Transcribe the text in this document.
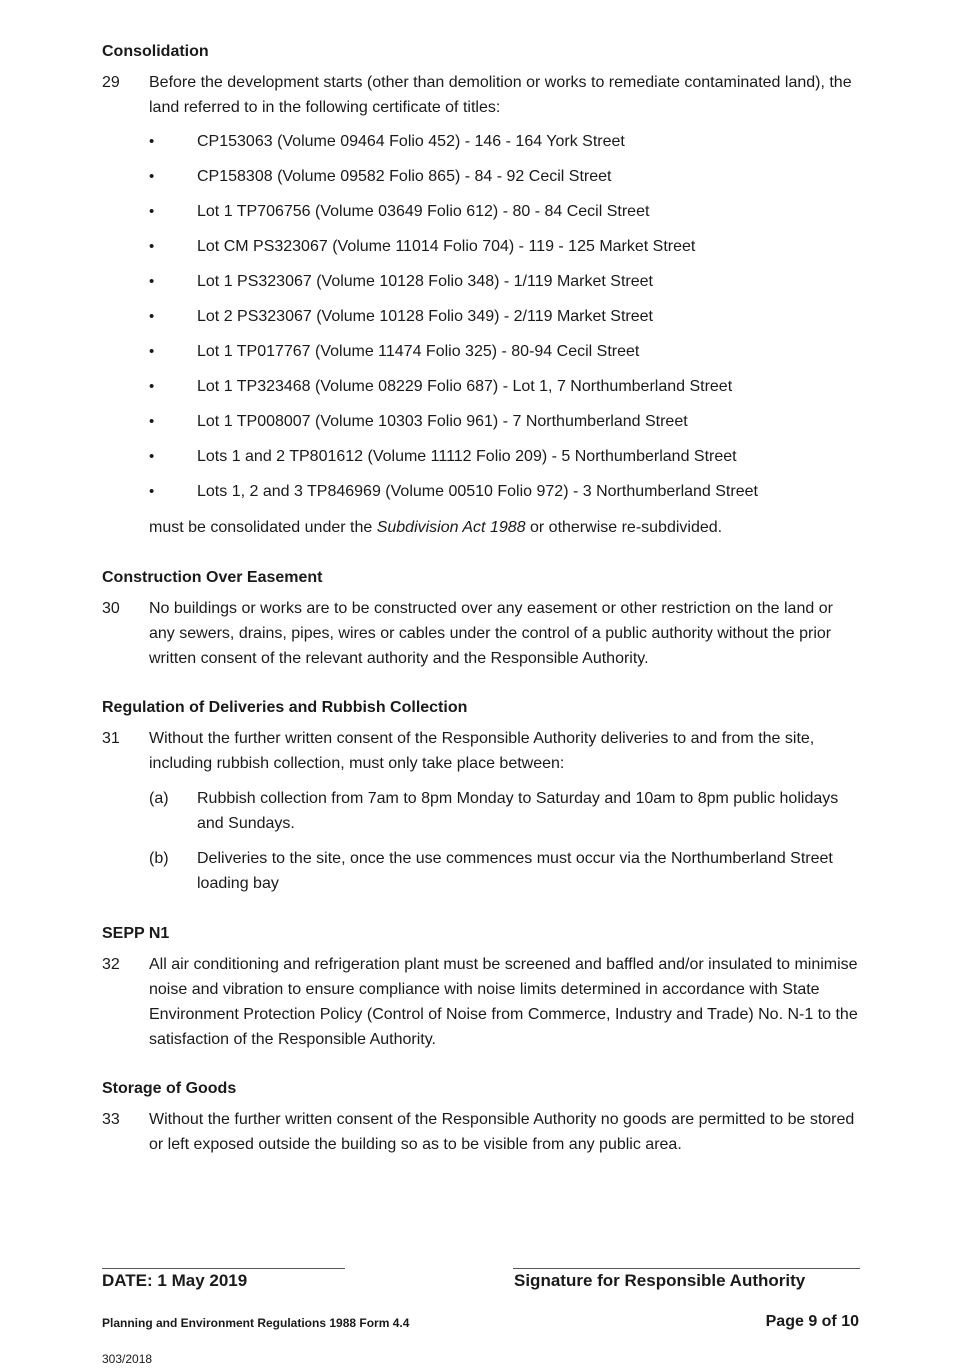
Consolidation
29 Before the development starts (other than demolition or works to remediate contaminated land), the land referred to in the following certificate of titles:
•	CP153063 (Volume 09464 Folio 452) - 146 - 164 York Street
•	CP158308 (Volume 09582 Folio 865) - 84 - 92 Cecil Street
•	Lot 1 TP706756 (Volume 03649 Folio 612) - 80 - 84 Cecil Street
•	Lot CM PS323067 (Volume 11014 Folio 704) - 119 - 125 Market Street
•	Lot 1 PS323067 (Volume 10128 Folio 348) - 1/119 Market Street
•	Lot 2 PS323067 (Volume 10128 Folio 349) - 2/119 Market Street
•	Lot 1 TP017767 (Volume 11474 Folio 325) - 80-94 Cecil Street
•	Lot 1 TP323468 (Volume 08229 Folio 687) - Lot 1, 7 Northumberland Street
•	Lot 1 TP008007 (Volume 10303 Folio 961) - 7 Northumberland Street
•	Lots 1 and 2 TP801612 (Volume 11112 Folio 209) - 5 Northumberland Street
•	Lots 1, 2 and 3 TP846969 (Volume 00510 Folio 972) - 3 Northumberland Street
must be consolidated under the Subdivision Act 1988 or otherwise re-subdivided.
Construction Over Easement
30 No buildings or works are to be constructed over any easement or other restriction on the land or any sewers, drains, pipes, wires or cables under the control of a public authority without the prior written consent of the relevant authority and the Responsible Authority.
Regulation of Deliveries and Rubbish Collection
31 Without the further written consent of the Responsible Authority deliveries to and from the site, including rubbish collection, must only take place between:
(a) Rubbish collection from 7am to 8pm Monday to Saturday and 10am to 8pm public holidays and Sundays.
(b) Deliveries to the site, once the use commences must occur via the Northumberland Street loading bay
SEPP N1
32 All air conditioning and refrigeration plant must be screened and baffled and/or insulated to minimise noise and vibration to ensure compliance with noise limits determined in accordance with State Environment Protection Policy (Control of Noise from Commerce, Industry and Trade) No. N-1 to the satisfaction of the Responsible Authority.
Storage of Goods
33 Without the further written consent of the Responsible Authority no goods are permitted to be stored or left exposed outside the building so as to be visible from any public area.
DATE: 1 May 2019	Signature for Responsible Authority
Planning and Environment Regulations 1988 Form 4.4	Page 9 of 10
303/2018
